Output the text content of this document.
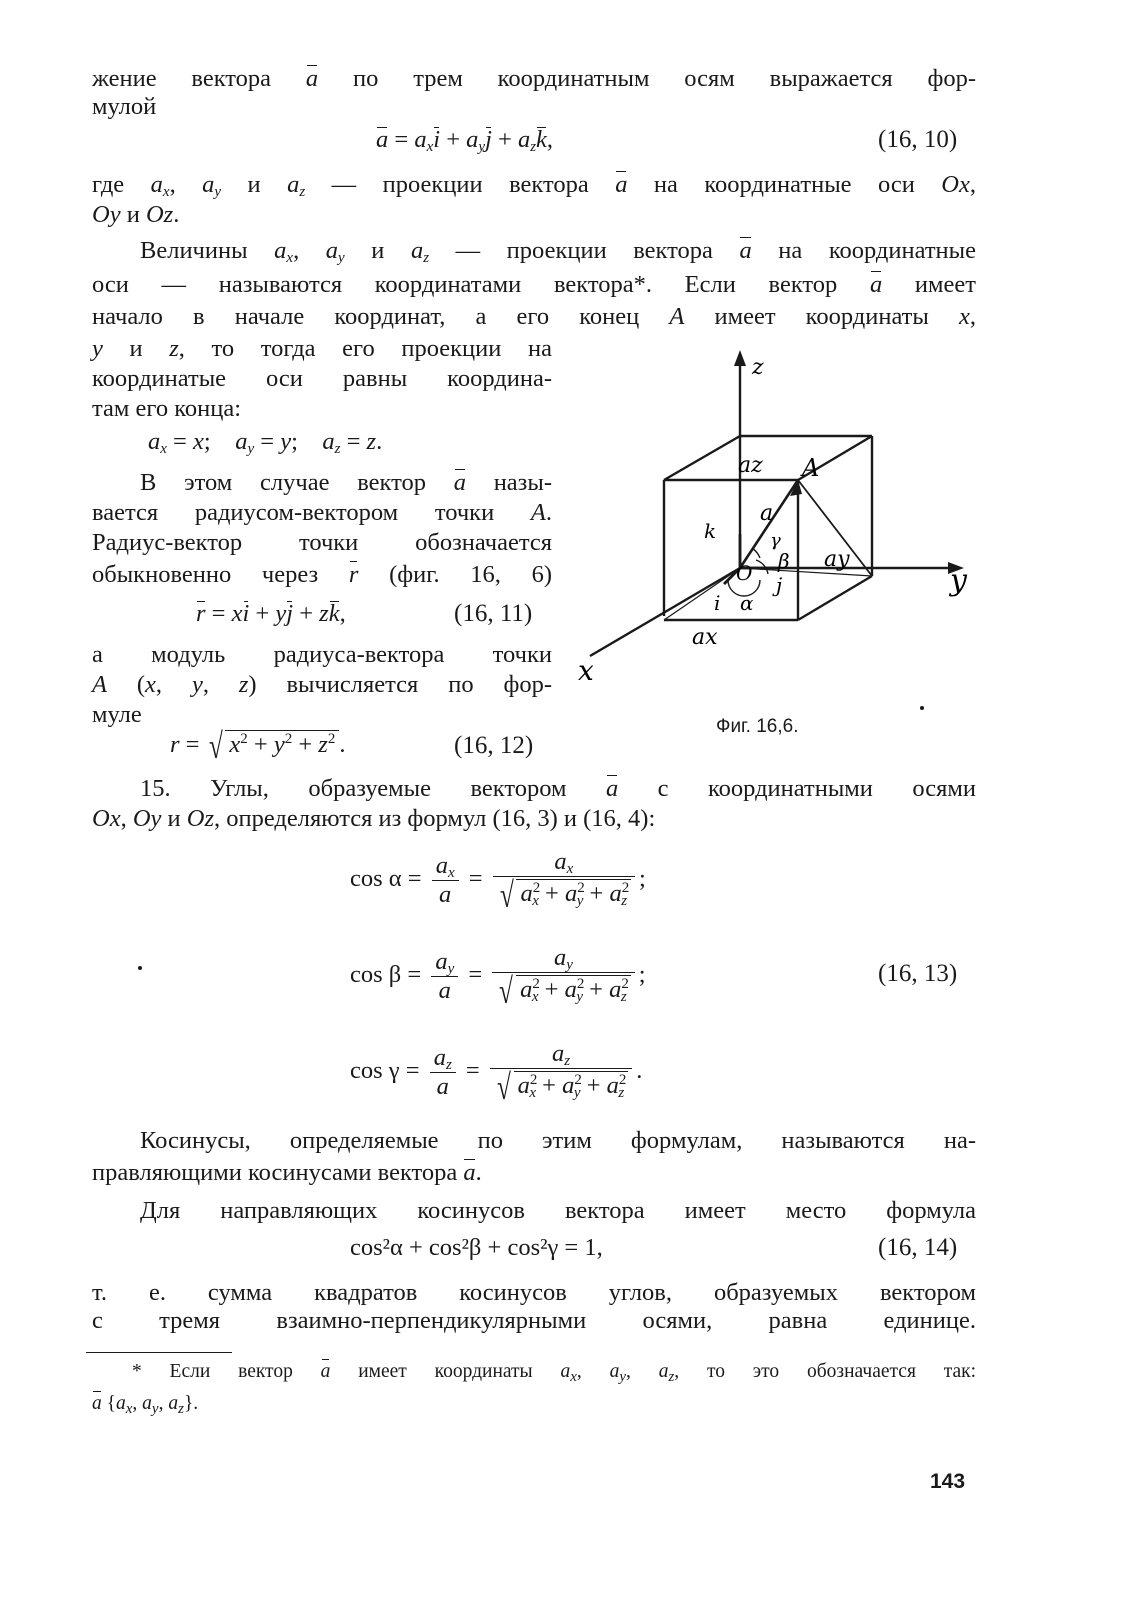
жение вектора a по трем координатным осям выражается фор-
мулой
$a = a_xi + a_yj + a_zk$,	(16, 10)
где $a_x$, $a_y$ и $a_z$ — проекции вектора a на координатные оси Ox,
Oy и Oz.
Величины $a_x$, $a_y$ и $a_z$ — проекции вектора a на координатные
оси — называются координатами вектора*. Если вектор a имеет
начало в начале координат, а его конец A имеет координаты x,
y и z, то тогда его проекции на
координатые оси равны координа-
там его конца:
$a_x = x$;    $a_y = y$;    $a_z = z$.
В этом случае вектор a назы-
вается радиусом-вектором точки A.
Радиус-вектор точки обозначается
обыкновенно через r (фиг. 16, 6)
r = xi + yj + zk,	(16, 11)
а модуль радиуса-вектора точки
A (x, y, z) вычисляется по фор-
муле
r = √ $x^2 + y^2 + z^2$ .	(16, 12)
z
y
x
A
O
az
ay
ax
k
i
j
a
α
β
γ
Фиг. 16,6.
15. Углы, образуемые вектором a с координатными осями
Ox, Oy и Oz, определяются из формул (16, 3) и (16, 4):
$\cos \alpha = \frac{a_x}{a} = \frac{a_x}{√ a^2_x + a^2_y + a^2_z}$ ;
$\cos \beta = \frac{a_y}{a} = \frac{a_y}{√ a^2_x + a^2_y + a^2_z}$ ;	(16, 13)
$\cos \gamma = \frac{a_z}{a} = \frac{a_z}{√ a^2_x + a^2_y + a^2_z}$ .
Косинусы, определяемые по этим формулам, называются на-
правляющими косинусами вектора a.
Для направляющих косинусов вектора имеет место формула
cos²α + cos²β + cos²γ = 1,	(16, 14)
т. е. сумма квадратов косинусов углов, образуемых вектором
с тремя взаимно-перпендикулярными осями, равна единице.
* Если вектор a имеет координаты $a_x$, $a_y$, $a_z$, то это обозначается так:
a {$a_x$, $a_y$, $a_z$}.
143
